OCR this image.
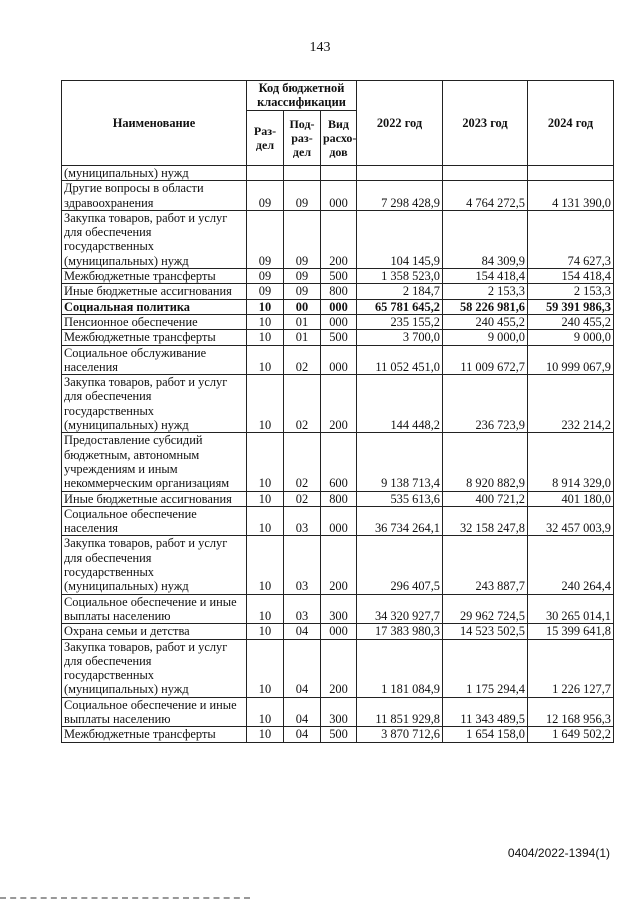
143
Наименование	Код бюджетной классификации			2022 год	2023 год	2024 год
	Раз-дел	Под-раз-дел	Вид расхо-дов			
(муниципальных) нужд						
Другие вопросы в области здравоохранения	09	09	000	7 298 428,9	4 764 272,5	4 131 390,0
Закупка товаров, работ и услуг для обеспечения государственных (муниципальных) нужд	09	09	200	104 145,9	84 309,9	74 627,3
Межбюджетные трансферты	09	09	500	1 358 523,0	154 418,4	154 418,4
Иные бюджетные ассигнования	09	09	800	2 184,7	2 153,3	2 153,3
Социальная политика	10	00	000	65 781 645,2	58 226 981,6	59 391 986,3
Пенсионное обеспечение	10	01	000	235 155,2	240 455,2	240 455,2
Межбюджетные трансферты	10	01	500	3 700,0	9 000,0	9 000,0
Социальное обслуживание населения	10	02	000	11 052 451,0	11 009 672,7	10 999 067,9
Закупка товаров, работ и услуг для обеспечения государственных (муниципальных) нужд	10	02	200	144 448,2	236 723,9	232 214,2
Предоставление субсидий бюджетным, автономным учреждениям и иным некоммерческим организациям	10	02	600	9 138 713,4	8 920 882,9	8 914 329,0
Иные бюджетные ассигнования	10	02	800	535 613,6	400 721,2	401 180,0
Социальное обеспечение населения	10	03	000	36 734 264,1	32 158 247,8	32 457 003,9
Закупка товаров, работ и услуг для обеспечения государственных (муниципальных) нужд	10	03	200	296 407,5	243 887,7	240 264,4
Социальное обеспечение и иные выплаты населению	10	03	300	34 320 927,7	29 962 724,5	30 265 014,1
Охрана семьи и детства	10	04	000	17 383 980,3	14 523 502,5	15 399 641,8
Закупка товаров, работ и услуг для обеспечения государственных (муниципальных) нужд	10	04	200	1 181 084,9	1 175 294,4	1 226 127,7
Социальное обеспечение и иные выплаты населению	10	04	300	11 851 929,8	11 343 489,5	12 168 956,3
Межбюджетные трансферты	10	04	500	3 870 712,6	1 654 158,0	1 649 502,2
0404/2022-1394(1)
